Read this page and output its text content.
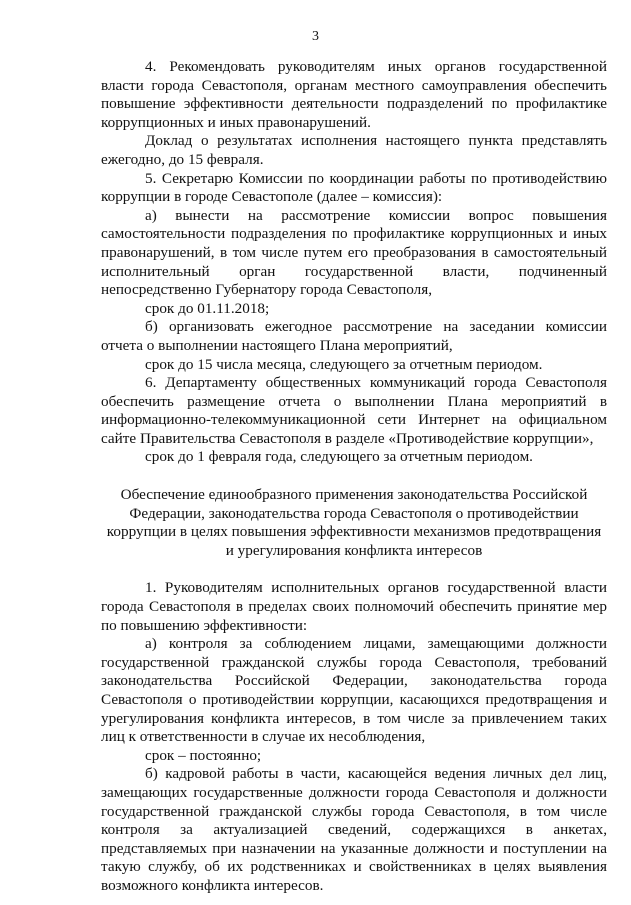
3

4. Рекомендовать руководителям иных органов государственной власти города Севастополя, органам местного самоуправления обеспечить повышение эффективности деятельности подразделений по профилактике коррупционных и иных правонарушений.

Доклад о результатах исполнения настоящего пункта представлять ежегодно, до 15 февраля.

5. Секретарю Комиссии по координации работы по противодействию коррупции в городе Севастополе (далее – комиссия):

а) вынести на рассмотрение комиссии вопрос повышения самостоятельности подразделения по профилактике коррупционных и иных правонарушений, в том числе путем его преобразования в самостоятельный исполнительный орган государственной власти, подчиненный непосредственно Губернатору города Севастополя,

срок до 01.11.2018;

б) организовать ежегодное рассмотрение на заседании комиссии отчета о выполнении настоящего Плана мероприятий,

срок до 15 числа месяца, следующего за отчетным периодом.

6. Департаменту общественных коммуникаций города Севастополя обеспечить размещение отчета о выполнении Плана мероприятий в информационно-телекоммуникационной сети Интернет на официальном сайте Правительства Севастополя в разделе «Противодействие коррупции»,

срок до 1 февраля года, следующего за отчетным периодом.

Обеспечение единообразного применения законодательства Российской Федерации, законодательства города Севастополя о противодействии коррупции в целях повышения эффективности механизмов предотвращения и урегулирования конфликта интересов

1. Руководителям исполнительных органов государственной власти города Севастополя в пределах своих полномочий обеспечить принятие мер по повышению эффективности:

а) контроля за соблюдением лицами, замещающими должности государственной гражданской службы города Севастополя, требований законодательства Российской Федерации, законодательства города Севастополя о противодействии коррупции, касающихся предотвращения и урегулирования конфликта интересов, в том числе за привлечением таких лиц к ответственности в случае их несоблюдения,

срок – постоянно;

б) кадровой работы в части, касающейся ведения личных дел лиц, замещающих государственные должности города Севастополя и должности государственной гражданской службы города Севастополя, в том числе контроля за актуализацией сведений, содержащихся в анкетах, представляемых при назначении на указанные должности и поступлении на такую службу, об их родственниках и свойственниках в целях выявления возможного конфликта интересов.
